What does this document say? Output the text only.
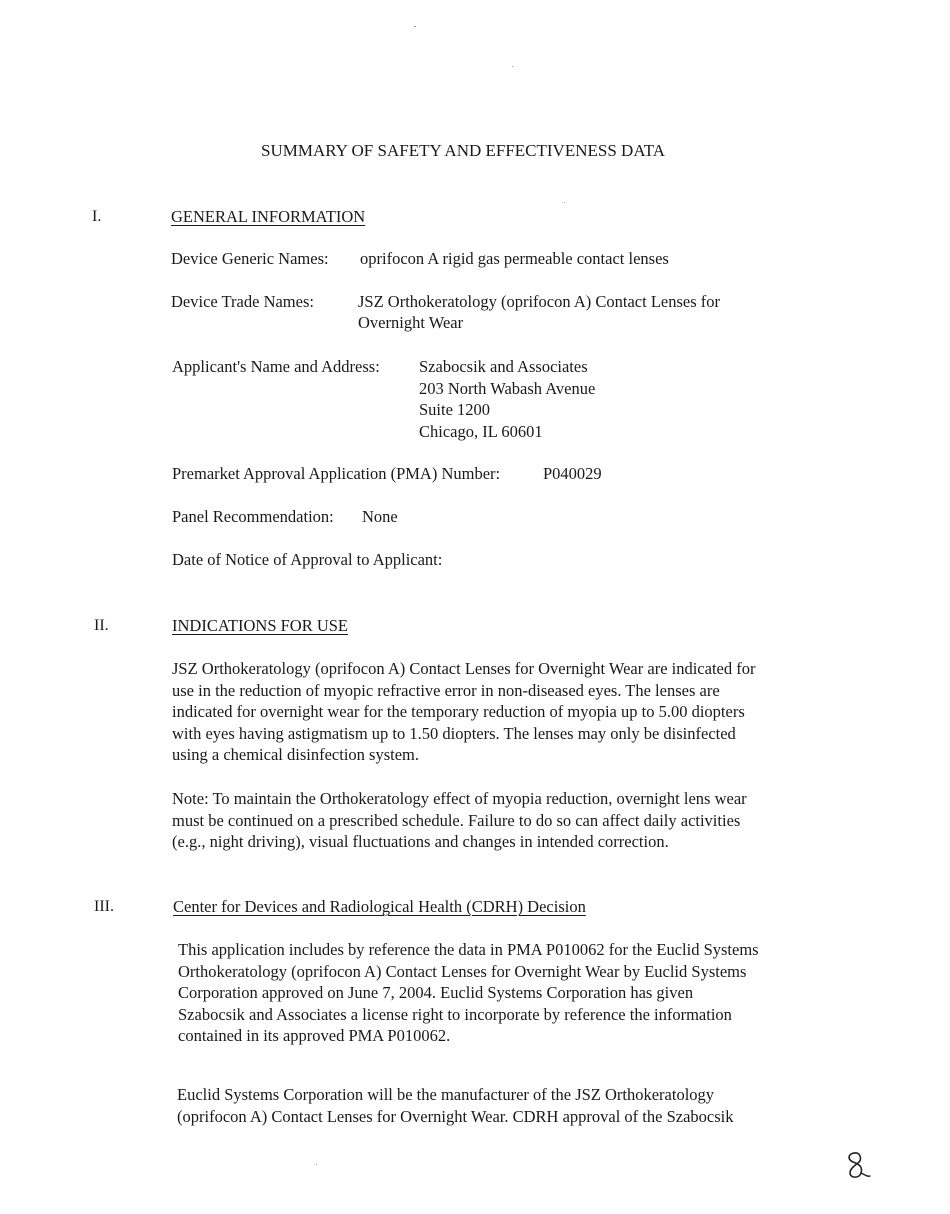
SUMMARY OF SAFETY AND EFFECTIVENESS DATA
I.	GENERAL INFORMATION
Device Generic Names: oprifocon A rigid gas permeable contact lenses
Device Trade Names:	JSZ Orthokeratology (oprifocon A) Contact Lenses for
Overnight Wear
Applicant's Name and Address: Szabocsik and Associates
203 North Wabash Avenue
Suite 1200
Chicago, IL 60601
Premarket Approval Application (PMA) Number:	P040029
Panel Recommendation: None
Date of Notice of Approval to Applicant:
II.	INDICATIONS FOR USE
JSZ Orthokeratology (oprifocon A) Contact Lenses for Overnight Wear are indicated for
use in the reduction of myopic refractive error in non-diseased eyes. The lenses are
indicated for overnight wear for the temporary reduction of myopia up to 5.00 diopters
with eyes having astigmatism up to 1.50 diopters. The lenses may only be disinfected
using a chemical disinfection system.
Note: To maintain the Orthokeratology effect of myopia reduction, overnight lens wear
must be continued on a prescribed schedule. Failure to do so can affect daily activities
(e.g., night driving), visual fluctuations and changes in intended correction.
III.	Center for Devices and Radiological Health (CDRH) Decision
This application includes by reference the data in PMA P010062 for the Euclid Systems
Orthokeratology (oprifocon A) Contact Lenses for Overnight Wear by Euclid Systems
Corporation approved on June 7, 2004. Euclid Systems Corporation has given
Szabocsik and Associates a license right to incorporate by reference the information
contained in its approved PMA P010062.
Euclid Systems Corporation will be the manufacturer of the JSZ Orthokeratology
(oprifocon A) Contact Lenses for Overnight Wear. CDRH approval of the Szabocsik
